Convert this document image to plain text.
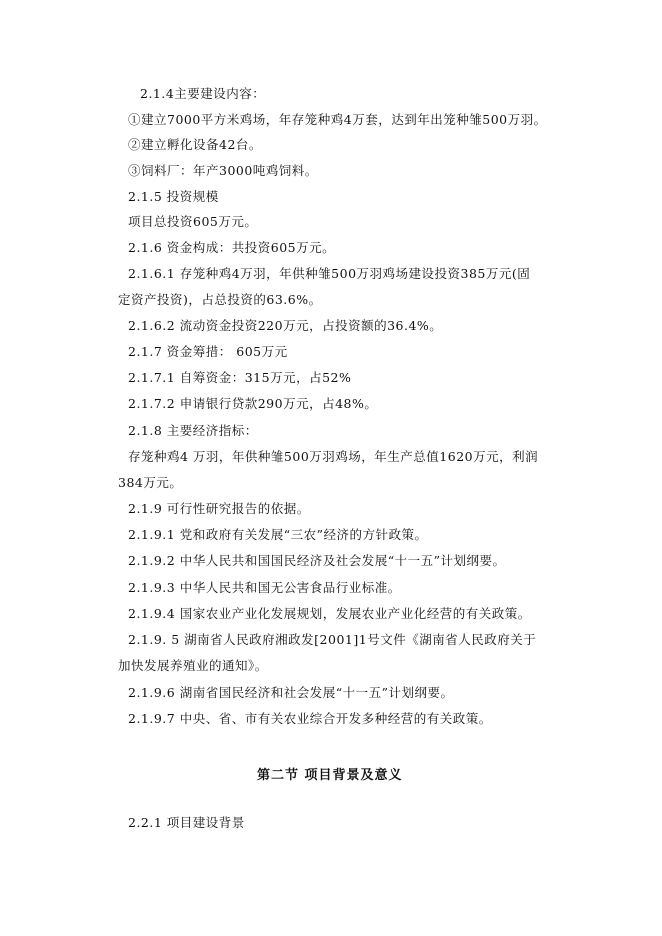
2.1.4主要建设内容：
①建立7000平方米鸡场，年存笼种鸡4万套，达到年出笼种雏500万羽。
②建立孵化设备42台。
③饲料厂：年产3000吨鸡饲料。
2.1.5 投资规模
项目总投资605万元。
2.1.6 资金构成：共投资605万元。
2.1.6.1 存笼种鸡4万羽，年供种雏500万羽鸡场建设投资385万元(固
定资产投资)，占总投资的63.6%。
2.1.6.2 流动资金投资220万元，占投资额的36.4%。
2.1.7 资金筹措： 605万元
2.1.7.1 自筹资金：315万元，占52%
2.1.7.2 申请银行贷款290万元，占48%。
2.1.8 主要经济指标：
存笼种鸡4 万羽，年供种雏500万羽鸡场，年生产总值1620万元，利润
384万元。
2.1.9 可行性研究报告的依据。
2.1.9.1 党和政府有关发展“三农”经济的方针政策。
2.1.9.2 中华人民共和国国民经济及社会发展“十一五”计划纲要。
2.1.9.3 中华人民共和国无公害食品行业标准。
2.1.9.4 国家农业产业化发展规划，发展农业产业化经营的有关政策。
2.1.9. 5 湖南省人民政府湘政发[2001]1号文件《湖南省人民政府关于
加快发展养殖业的通知》。
2.1.9.6 湖南省国民经济和社会发展“十一五”计划纲要。
2.1.9.7 中央、省、市有关农业综合开发多种经营的有关政策。
第二节 项目背景及意义
2.2.1 项目建设背景
